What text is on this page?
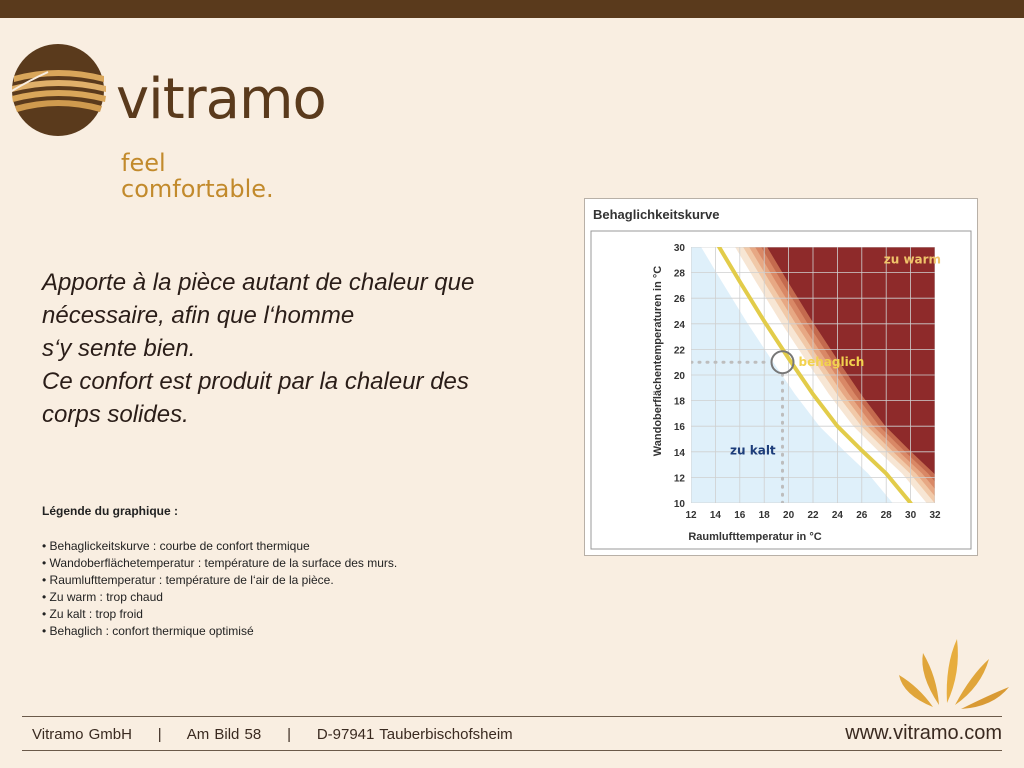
vitramo
feel comfortable.

Apporte à la pièce autant de chaleur que
nécessaire, afin que l‘homme
s‘y sente bien.
Ce confort est produit par la chaleur des
corps solides.

Légende du graphique :

• Behaglickeitskurve : courbe de confort thermique
• Wandoberflächetemperatur : température de la surface des murs.
• Raumlufttemperatur : température de l‘air de la pièce.
• Zu warm : trop chaud
• Zu kalt : trop froid
• Behaglich : confort thermique optimisé
Behaglichkeitskurve
zu warm
behaglich
zu kalt
12 14 16 18 20 22 24 26 28 30 32
10
12
14
16
18
20
22
24
26
28
30
Wandoberflächentemperaturen in °C
Raumlufttemperatur in °C
Vitramo GmbH | Am Bild 58 | D-97941 Tauberbischofsheim	www.vitramo.com
